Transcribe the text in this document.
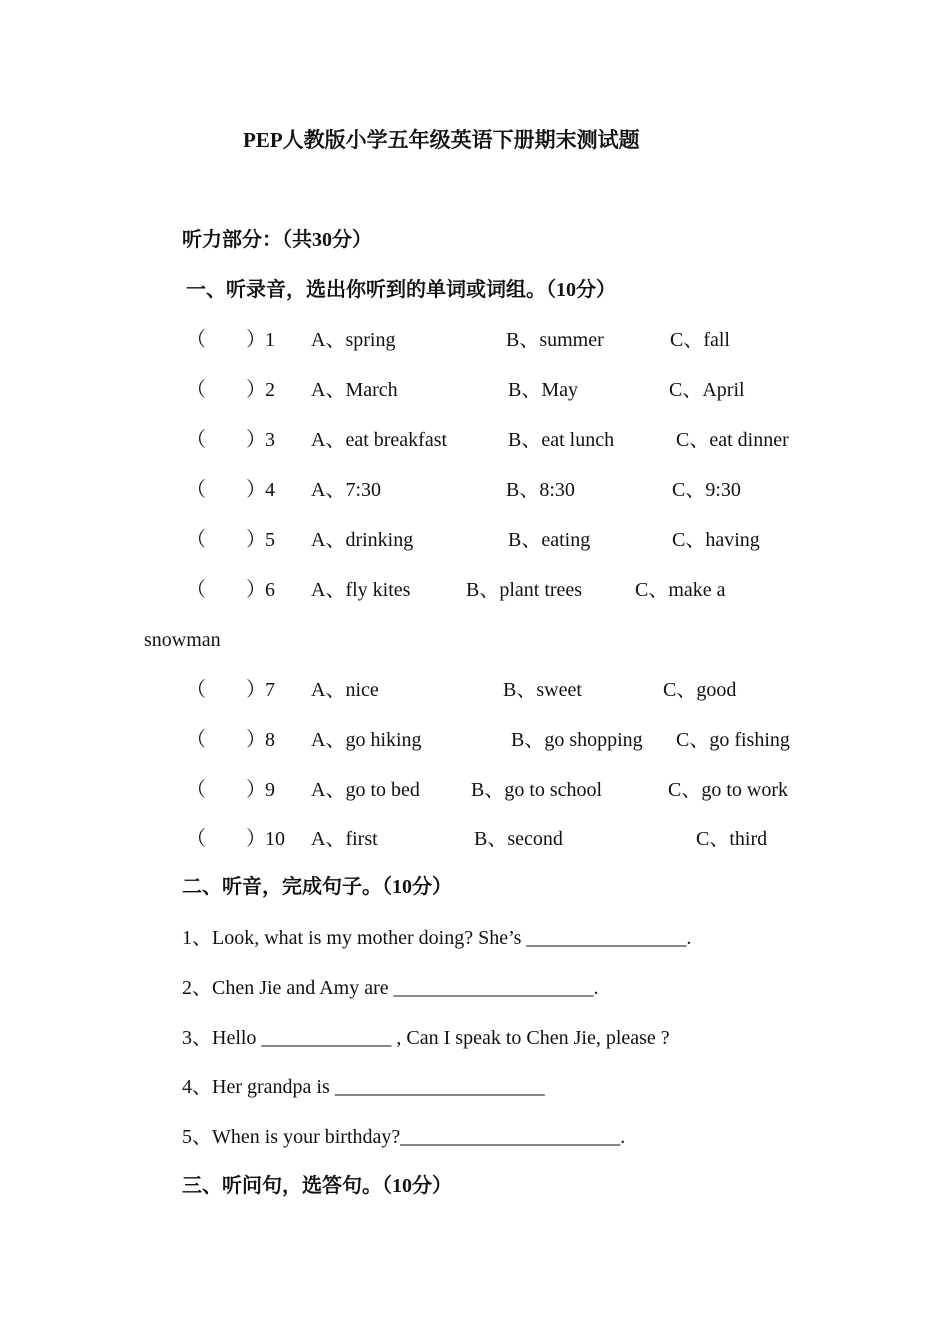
PEP人教版小学五年级英语下册期末测试题
听力部分：（共30分）
一、听录音，选出你听到的单词或词组。（10分）
（　　） 1 A、spring	B、summer	C、fall
（　　） 2 A、March	B、May	C、April
（　　） 3 A、eat breakfast	B、eat lunch	C、eat dinner
（　　） 4 A、7:30	B、8:30	C、9:30
（　　） 5 A、drinking	B、eating	C、having
（　　） 6 A、fly kites	B、plant trees	C、make a
snowman
（　　） 7 A、nice	B、sweet	C、good
（　　） 8 A、go hiking	B、go shopping C、go fishing
（　　） 9 A、go to bed	B、go to school	C、go to work
（　　） 10 A、first	B、second	C、third
二、听音，完成句子。（10分）
1、Look, what is my mother doing? She’s ________________.
2、Chen Jie and Amy are ____________________.
3、Hello _____________ , Can I speak to Chen Jie, please ?
4、Her grandpa is _____________________
5、When is your birthday?______________________.
三、听问句，选答句。（10分）
